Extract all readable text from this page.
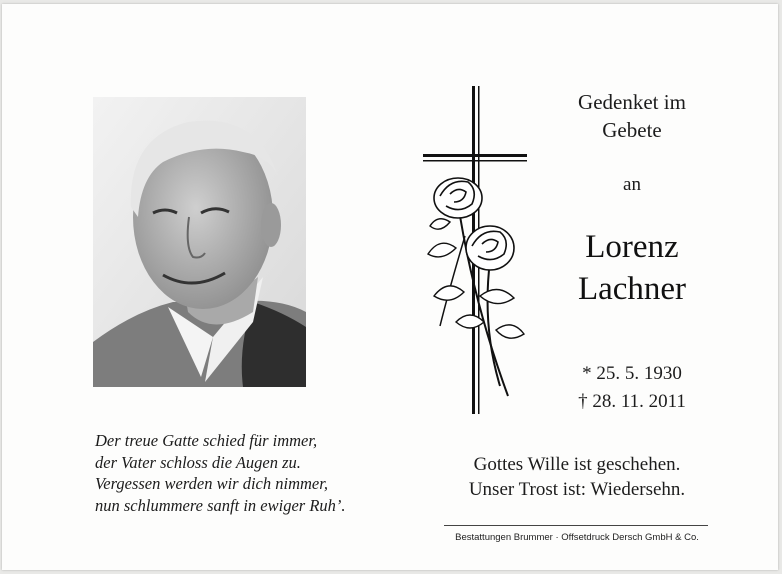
Der treue Gatte schied für immer,
der Vater schloss die Augen zu.
Vergessen werden wir dich nimmer,
nun schlummere sanft in ewiger Ruh’.
Gedenket im
Gebete
an
Lorenz
Lachner
* 25. 5. 1930
† 28. 11. 2011
Gottes Wille ist geschehen.
Unser Trost ist: Wiedersehn.
Bestattungen Brummer · Offsetdruck Dersch GmbH & Co.
